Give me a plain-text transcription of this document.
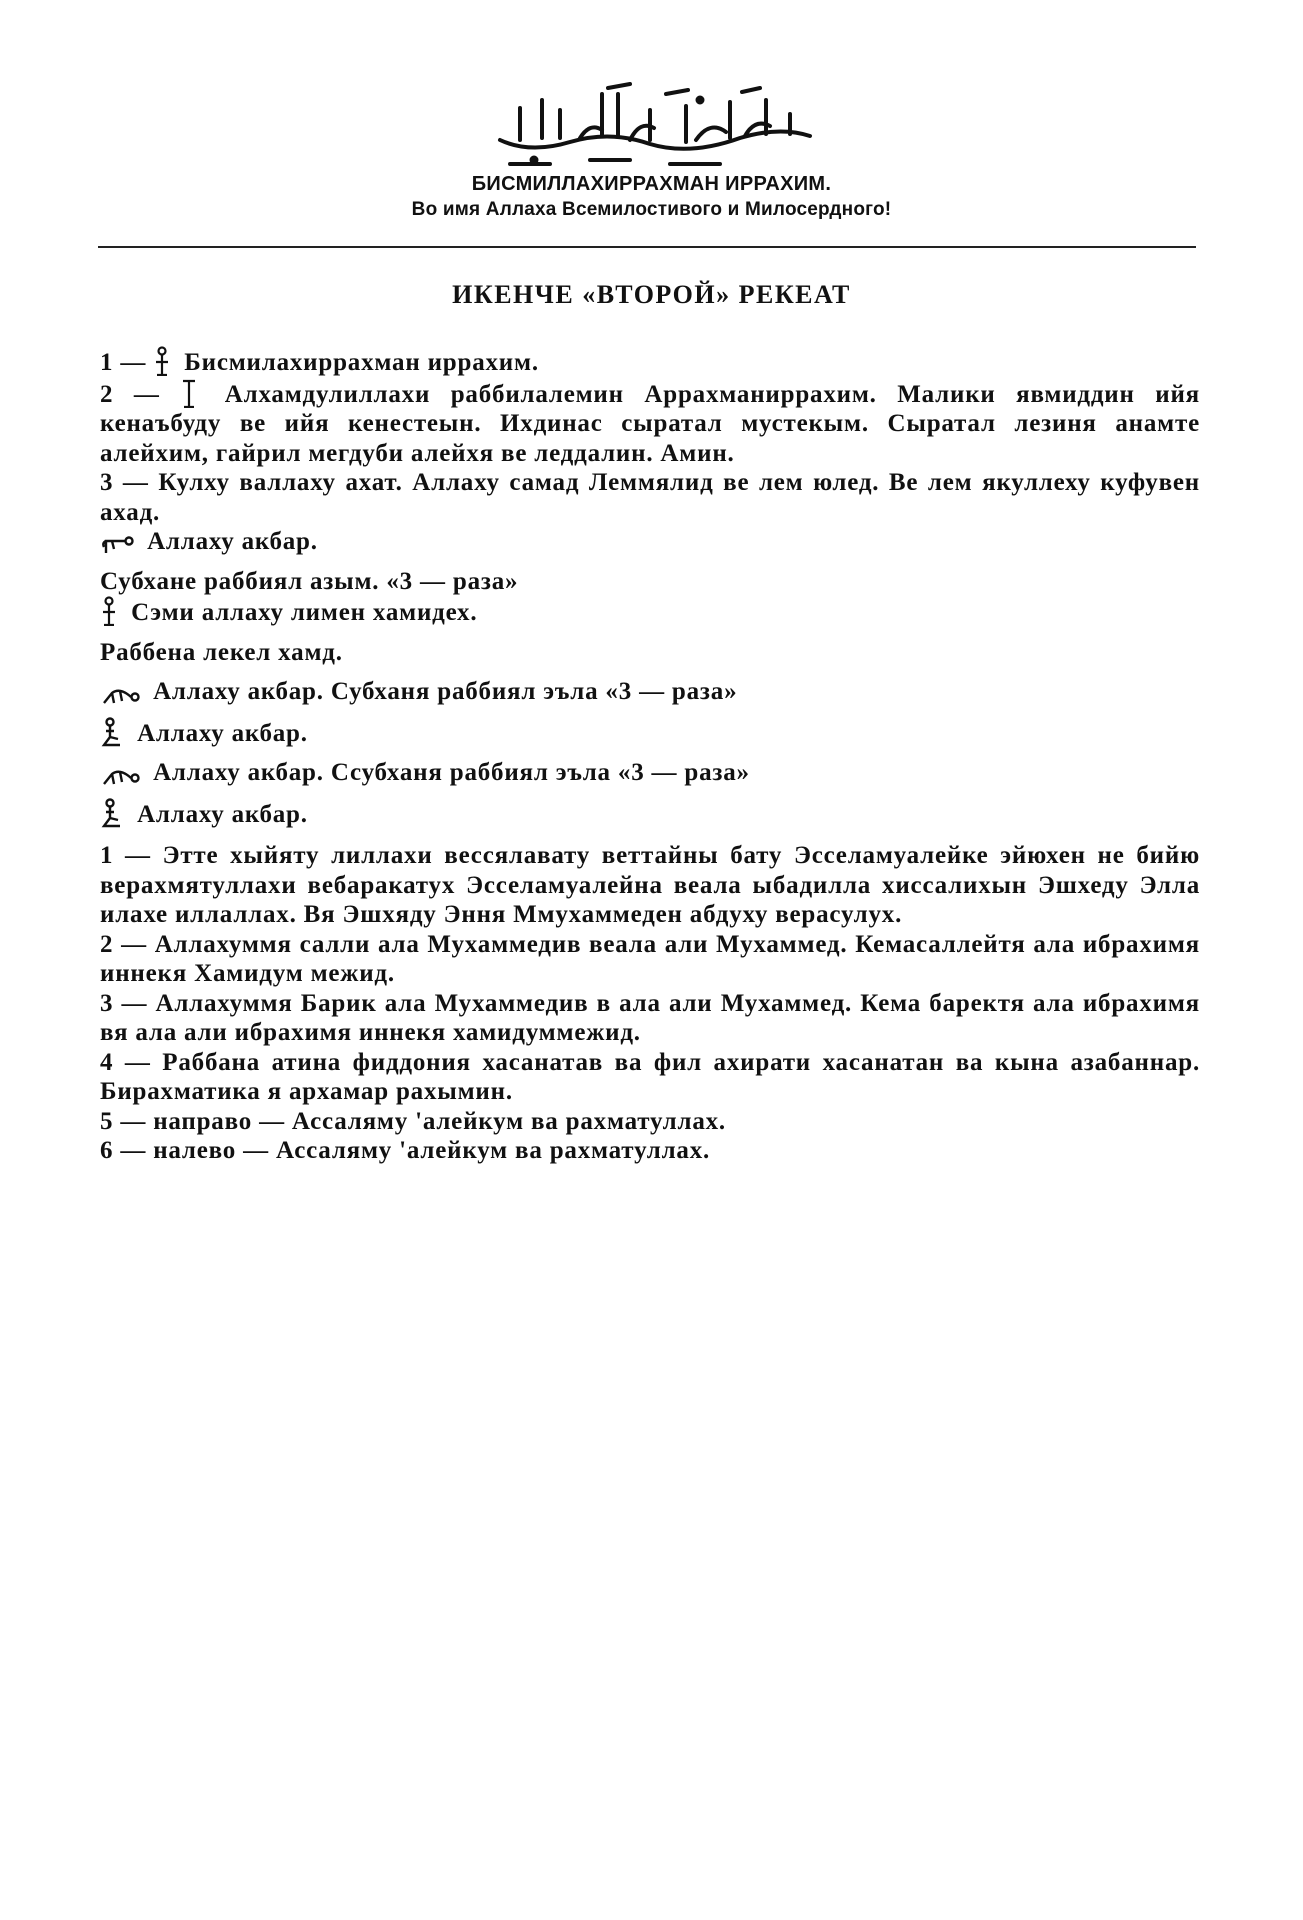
БИСМИЛЛАХИРРАХМАН ИРРАХИМ.
Во имя Аллаха Всемилостивого и Милосердного!
ИКЕНЧЕ «ВТОРОЙ» РЕКЕАТ

1 — Бисмилахиррахман иррахим.

2 —	Алхамдулиллахи раббилалемин Аррахманиррахим. Малики явмиддин ийя кенаъбуду ве ийя кенестеын. Ихдинас сыратал мустекым. Сыратал лезиня анамте алейхим, гайрил мегдуби алейхя ве леддалин. Амин.

3 — Кулху валлаху ахат. Аллаху самад Леммялид ве лем юлед. Ве лем якуллеху куфувен ахад.

Аллаху акбар.

Субхане раббиял азым. «3 — раза»

Сэми аллаху лимен хамидех.

Раббена лекел хамд.

Аллаху акбар. Субханя раббиял эъла «3 — раза»

Аллаху акбар.

Аллаху акбар. Ссубханя раббиял эъла «3 — раза»

Аллаху акбар.

1 — Этте хыйяту лиллахи вессялавату веттайны бату Эсселамуалейке эйюхен не бийю верахмятуллахи вебаракатух Эсселамуалейна веала ыбадилла хиссалихын Эшхеду Элла илахе иллаллах. Вя Эшхяду Эння Ммухаммеден абдуху верасулух.

2 — Аллахуммя салли ала Мухаммедив веала али Мухаммед. Кемасаллейтя ала ибрахимя иннекя Хамидум межид.

3 — Аллахуммя Барик ала Мухаммедив в ала али Мухаммед. Кема баректя ала ибрахимя вя ала али ибрахимя иннекя хамидуммежид.

4 — Раббана атина фиддония хасанатав ва фил ахирати хасанатан ва кына азабаннар. Бирахматика я архамар рахымин.

5 — направо — Ассаляму 'алейкум ва рахматуллах.

6 — налево — Ассаляму 'алейкум ва рахматуллах.
